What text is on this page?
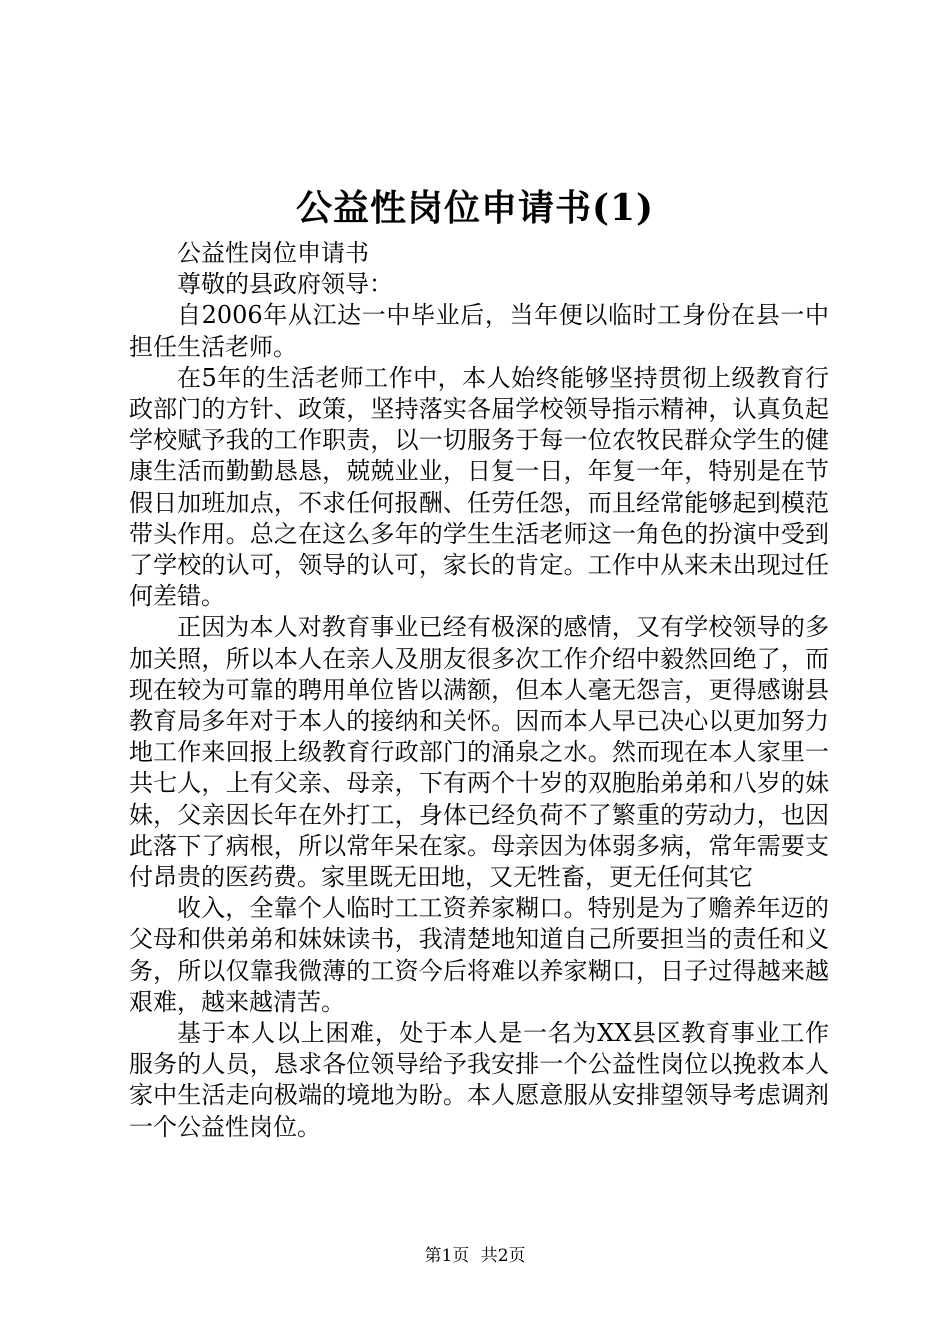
公益性岗位申请书(1)

公益性岗位申请书

尊敬的县政府领导：

自2006年从江达一中毕业后，当年便以临时工身份在县一中担任生活老师。

在5年的生活老师工作中，本人始终能够坚持贯彻上级教育行政部门的方针、政策，坚持落实各届学校领导指示精神，认真负起学校赋予我的工作职责，以一切服务于每一位农牧民群众学生的健康生活而勤勤恳恳，兢兢业业，日复一日，年复一年，特别是在节假日加班加点，不求任何报酬、任劳任怨，而且经常能够起到模范带头作用。总之在这么多年的学生生活老师这一角色的扮演中受到了学校的认可，领导的认可，家长的肯定。工作中从来未出现过任何差错。

正因为本人对教育事业已经有极深的感情，又有学校领导的多加关照，所以本人在亲人及朋友很多次工作介绍中毅然回绝了，而现在较为可靠的聘用单位皆以满额，但本人毫无怨言，更得感谢县教育局多年对于本人的接纳和关怀。因而本人早已决心以更加努力地工作来回报上级教育行政部门的涌泉之水。然而现在本人家里一共七人，上有父亲、母亲，下有两个十岁的双胞胎弟弟和八岁的妹妹，父亲因长年在外打工，身体已经负荷不了繁重的劳动力，也因此落下了病根，所以常年呆在家。母亲因为体弱多病，常年需要支付昂贵的医药费。家里既无田地，又无牲畜，更无任何其它

收入，全靠个人临时工工资养家糊口。特别是为了赡养年迈的父母和供弟弟和妹妹读书，我清楚地知道自己所要担当的责任和义务，所以仅靠我微薄的工资今后将难以养家糊口，日子过得越来越艰难，越来越清苦。

基于本人以上困难，处于本人是一名为XX县区教育事业工作服务的人员，恳求各位领导给予我安排一个公益性岗位以挽救本人家中生活走向极端的境地为盼。本人愿意服从安排望领导考虑调剂一个公益性岗位。

第1页 共2页
